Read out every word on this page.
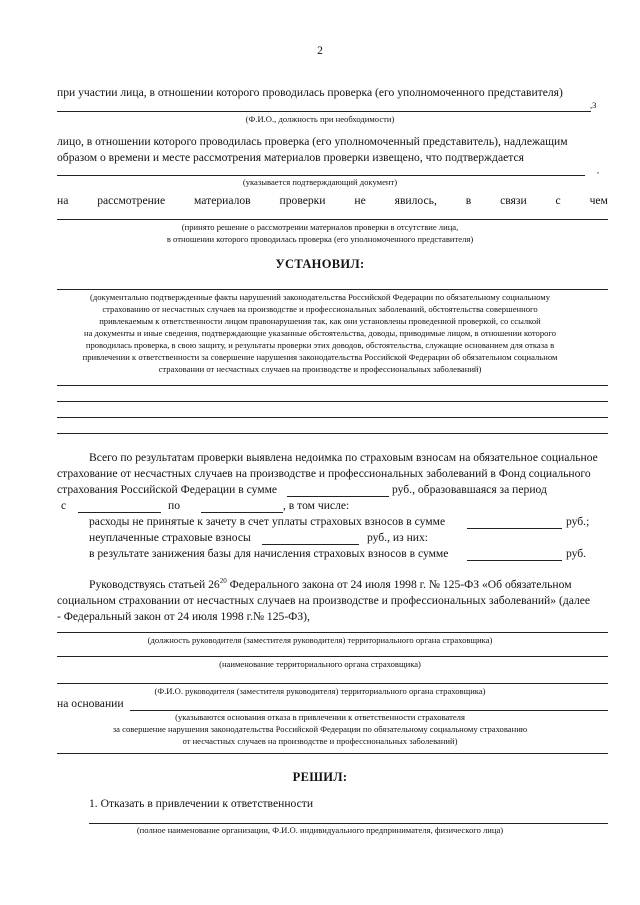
2
при участии лица, в отношении которого проводилась проверка (его уполномоченного представителя)
,3
(Ф.И.О., должность при необходимости)
лицо, в отношении которого проводилась проверка (его уполномоченный представитель), надлежащим
образом о времени и месте рассмотрения материалов проверки извещено, что подтверждается
,
(указывается подтверждающий документ)
на рассмотрение материалов проверки не явилось, в связи с чем
(принято решение о рассмотрении материалов проверки в отсутствие лица,
в отношении которого проводилась проверка (его уполномоченного представителя)
УСТАНОВИЛ:
(документально подтвержденные факты нарушений законодательства Российской Федерации по обязательному социальному
страхованию от несчастных случаев на производстве и профессиональных заболеваний, обстоятельства совершенного
привлекаемым к ответственности лицом правонарушения так, как они установлены проведенной проверкой, со ссылкой
на документы и иные сведения, подтверждающие указанные обстоятельства, доводы, приводимые лицом, в отношении которого
проводилась проверка, в свою защиту, и результаты проверки этих доводов, обстоятельства, служащие основанием для отказа в
привлечении к ответственности за совершение нарушения законодательства Российской Федерации об обязательном социальном
страховании от несчастных случаев на производстве и профессиональных заболеваний)
Всего по результатам проверки выявлена недоимка по страховым взносам на обязательное социальное
страхование от несчастных случаев на производстве и профессиональных заболеваний в Фонд социального
страхования Российской Федерации в сумме	руб., образовавшаяся за период
с	по	, в том числе:
расходы не принятые к зачету в счет уплаты страховых взносов в сумме	руб.;
неуплаченные страховые взносы	руб., из них:
в результате занижения базы для начисления страховых взносов в сумме	руб.
Руководствуясь статьей $26^{20}$ Федерального закона от 24 июля 1998 г. № 125-ФЗ «Об обязательном
социальном страховании от несчастных случаев на производстве и профессиональных заболеваний» (далее
- Федеральный закон от 24 июля 1998 г.№ 125-ФЗ),
(должность руководителя (заместителя руководителя) территориального органа страховщика)
(наименование территориального органа страховщика)
(Ф.И.О. руководителя (заместителя руководителя) территориального органа страховщика)
на основании
(указываются основания отказа в привлечении к ответственности страхователя
за совершение нарушения законодательства Российской Федерации по обязательному социальному страхованию
от несчастных случаев на производстве и профессиональных заболеваний)
РЕШИЛ:
1. Отказать в привлечении к ответственности
(полное наименование организации, Ф.И.О. индивидуального предпринимателя, физического лица)
